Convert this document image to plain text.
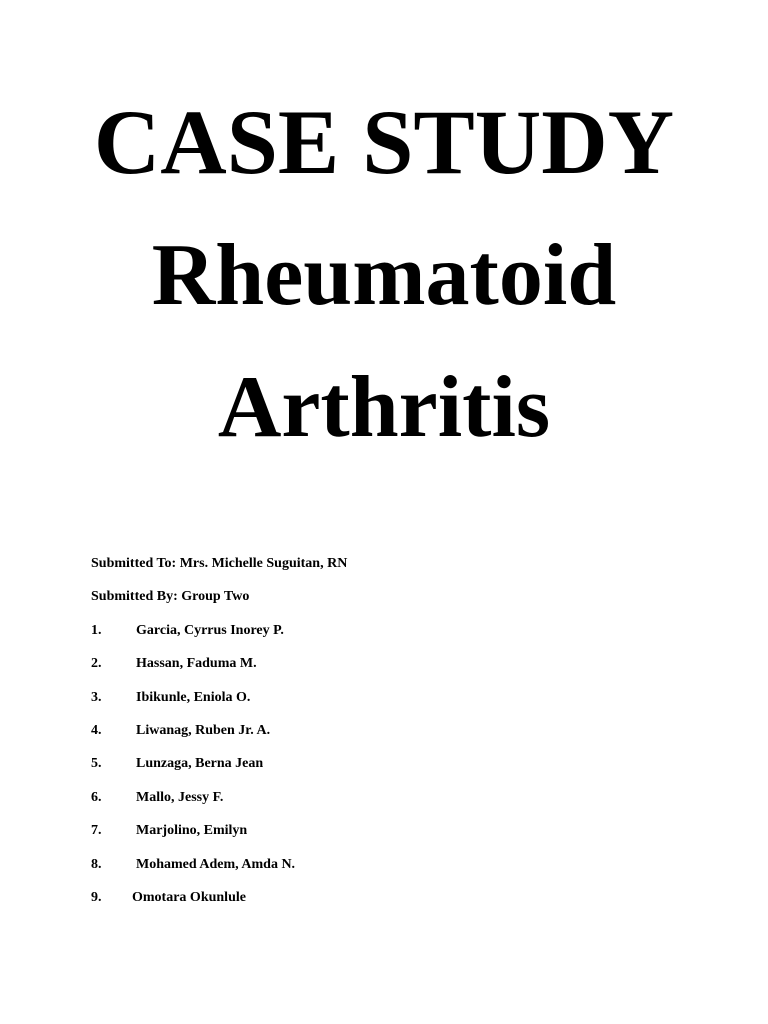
CASE STUDY
Rheumatoid
Arthritis
Submitted To: Mrs. Michelle Suguitan, RN
Submitted By: Group Two
1.	Garcia, Cyrrus Inorey P.
2.	Hassan, Faduma M.
3.	Ibikunle, Eniola O.
4.	Liwanag, Ruben Jr. A.
5.	Lunzaga, Berna Jean
6.	Mallo, Jessy F.
7.	Marjolino, Emilyn
8.	Mohamed Adem, Amda N.
9.	Omotara Okunlule
